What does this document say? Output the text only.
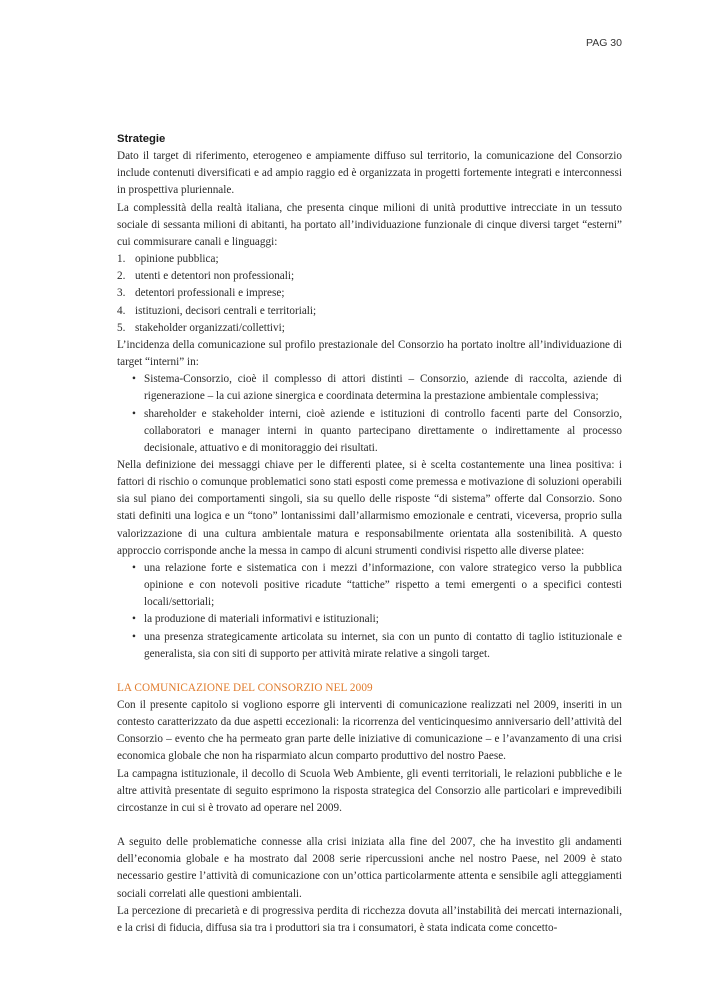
PAG 30

Strategie

Dato il target di riferimento, eterogeneo e ampiamente diffuso sul territorio, la comunicazione del Consorzio include contenuti diversificati e ad ampio raggio ed è organizzata in progetti fortemente integrati e interconnessi in prospettiva pluriennale.

La complessità della realtà italiana, che presenta cinque milioni di unità produttive intrecciate in un tessuto sociale di sessanta milioni di abitanti, ha portato all’individuazione funzionale di cinque diversi target “esterni” cui commisurare canali e linguaggi:

1. opinione pubblica;
2. utenti e detentori non professionali;
3. detentori professionali e imprese;
4. istituzioni, decisori centrali e territoriali;
5. stakeholder organizzati/collettivi;

L’incidenza della comunicazione sul profilo prestazionale del Consorzio ha portato inoltre all’individuazione di target “interni” in:

• Sistema-Consorzio, cioè il complesso di attori distinti – Consorzio, aziende di raccolta, aziende di rigenerazione – la cui azione sinergica e coordinata determina la prestazione ambientale complessiva;
• shareholder e stakeholder interni, cioè aziende e istituzioni di controllo facenti parte del Consorzio, collaboratori e manager interni in quanto partecipano direttamente o indirettamente al processo decisionale, attuativo e di monitoraggio dei risultati.

Nella definizione dei messaggi chiave per le differenti platee, si è scelta costantemente una linea positiva: i fattori di rischio o comunque problematici sono stati esposti come premessa e motivazione di soluzioni operabili sia sul piano dei comportamenti singoli, sia su quello delle risposte “di sistema” offerte dal Consorzio. Sono stati definiti una logica e un “tono” lontanissimi dall’allarmismo emozionale e centrati, viceversa, proprio sulla valorizzazione di una cultura ambientale matura e responsabilmente orientata alla sostenibilità. A questo approccio corrisponde anche la messa in campo di alcuni strumenti condivisi rispetto alle diverse platee:

• una relazione forte e sistematica con i mezzi d’informazione, con valore strategico verso la pubblica opinione e con notevoli positive ricadute “tattiche” rispetto a temi emergenti o a specifici contesti locali/settoriali;
• la produzione di materiali informativi e istituzionali;
• una presenza strategicamente articolata su internet, sia con un punto di contatto di taglio istituzionale e generalista, sia con siti di supporto per attività mirate relative a singoli target.

LA COMUNICAZIONE DEL CONSORZIO NEL 2009

Con il presente capitolo si vogliono esporre gli interventi di comunicazione realizzati nel 2009, inseriti in un contesto caratterizzato da due aspetti eccezionali: la ricorrenza del venticinquesimo anniversario dell’attività del Consorzio – evento che ha permeato gran parte delle iniziative di comunicazione – e l’avanzamento di una crisi economica globale che non ha risparmiato alcun comparto produttivo del nostro Paese.

La campagna istituzionale, il decollo di Scuola Web Ambiente, gli eventi territoriali, le relazioni pubbliche e le altre attività presentate di seguito esprimono la risposta strategica del Consorzio alle particolari e imprevedibili circostanze in cui si è trovato ad operare nel 2009.

A seguito delle problematiche connesse alla crisi iniziata alla fine del 2007, che ha investito gli andamenti dell’economia globale e ha mostrato dal 2008 serie ripercussioni anche nel nostro Paese, nel 2009 è stato necessario gestire l’attività di comunicazione con un’ottica particolarmente attenta e sensibile agli atteggiamenti sociali correlati alle questioni ambientali.

La percezione di precarietà e di progressiva perdita di ricchezza dovuta all’instabilità dei mercati internazionali, e la crisi di fiducia, diffusa sia tra i produttori sia tra i consumatori, è stata indicata come concetto-
